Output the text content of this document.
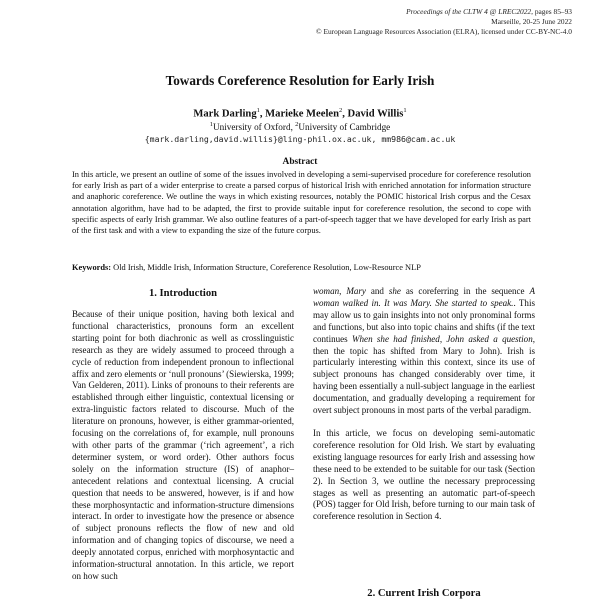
Proceedings of the CLTW 4 @ LREC2022, pages 85–93
Marseille, 20-25 June 2022
© European Language Resources Association (ELRA), licensed under CC-BY-NC-4.0
Towards Coreference Resolution for Early Irish
Mark Darling$^1$, Marieke Meelen$^2$, David Willis$^1$
$^1$University of Oxford, $^2$University of Cambridge
{mark.darling,david.willis}@ling-phil.ox.ac.uk, mm986@cam.ac.uk
Abstract
In this article, we present an outline of some of the issues involved in developing a semi-supervised procedure for coreference resolution for early Irish as part of a wider enterprise to create a parsed corpus of historical Irish with enriched annotation for information structure and anaphoric coreference. We outline the ways in which existing resources, notably the POMIC historical Irish corpus and the Cesax annotation algorithm, have had to be adapted, the first to provide suitable input for coreference resolution, the second to cope with specific aspects of early Irish grammar. We also outline features of a part-of-speech tagger that we have developed for early Irish as part of the first task and with a view to expanding the size of the future corpus.
Keywords: Old Irish, Middle Irish, Information Structure, Coreference Resolution, Low-Resource NLP
1. Introduction

Because of their unique position, having both lexical and functional characteristics, pronouns form an excellent starting point for both diachronic as well as crosslinguistic research as they are widely assumed to proceed through a cycle of reduction from independent pronoun to inflectional affix and zero elements or ‘null pronouns’ (Siewierska, 1999; Van Gelderen, 2011). Links of pronouns to their referents are established through either linguistic, contextual licensing or extra-linguistic factors related to discourse. Much of the literature on pronouns, however, is either grammar-oriented, focusing on the correlations of, for example, null pronouns with other parts of the grammar (‘rich agreement’, a rich determiner system, or word order). Other authors focus solely on the information structure (IS) of anaphor–antecedent relations and contextual licensing. A crucial question that needs to be answered, however, is if and how these morphosyntactic and information-structure dimensions interact. In order to investigate how the presence or absence of subject pronouns reflects the flow of new and old information and of changing topics of discourse, we need a deeply annotated corpus, enriched with morphosyntactic and information-structural annotation. In this article, we report on how such

woman, Mary and she as coreferring in the sequence A woman walked in. It was Mary. She started to speak.. This may allow us to gain insights into not only pronominal forms and functions, but also into topic chains and shifts (if the text continues When she had finished, John asked a question, then the topic has shifted from Mary to John). Irish is particularly interesting within this context, since its use of subject pronouns has changed considerably over time, it having been essentially a null-subject language in the earliest documentation, and gradually developing a requirement for overt subject pronouns in most parts of the verbal paradigm.

In this article, we focus on developing semi-automatic coreference resolution for Old Irish. We start by evaluating existing language resources for early Irish and assessing how these need to be extended to be suitable for our task (Section 2). In Section 3, we outline the necessary preprocessing stages as well as presenting an automatic part-of-speech (POS) tagger for Old Irish, before turning to our main task of coreference resolution in Section 4.

2. Current Irish Corpora
